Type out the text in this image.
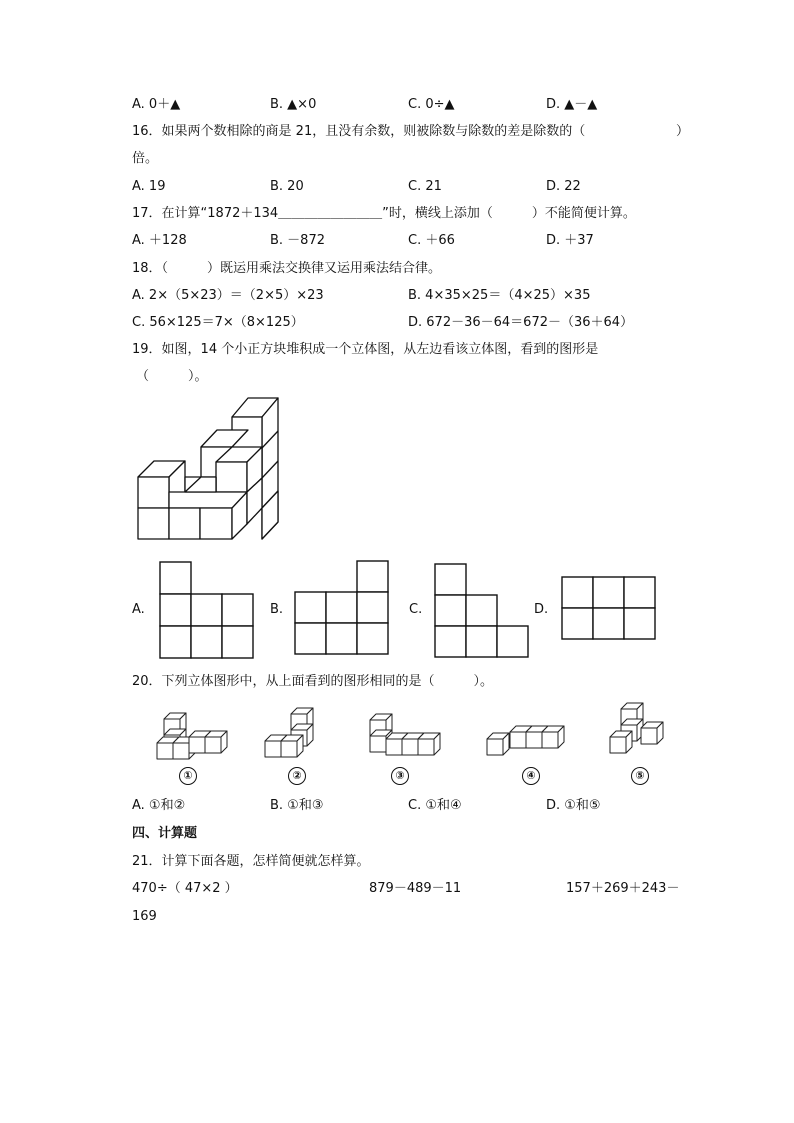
A. 0＋▲	B. ▲×0	C. 0÷▲	D. ▲－▲
16．如果两个数相除的商是 21，且没有余数，则被除数与除数的差是除数的（	）
倍。
A. 19	B. 20	C. 21	D. 22
17．在计算“1872＋134＿＿＿＿＿＿＿＿”时，横线上添加（　　　）不能简便计算。
A. ＋128	B. －872	C. ＋66	D. ＋37
18．（　　　）既运用乘法交换律又运用乘法结合律。
A. 2×（5×23）＝（2×5）×23	B. 4×35×25＝（4×25）×35
C. 56×125＝7×（8×125）	D. 672－36－64＝672－（36＋64）
19．如图，14 个小正方块堆积成一个立体图，从左边看该立体图，看到的图形是
（　　　）。
A.	B.	C.	D.
20．下列立体图形中，从上面看到的图形相同的是（　　　）。
①	②	③	④	⑤
A. ①和②	B. ①和③	C. ①和④	D. ①和⑤
四、计算题
21．计算下面各题，怎样简便就怎样算。
470÷（ 47×2 ）	879－489－11	157＋269＋243－
169
